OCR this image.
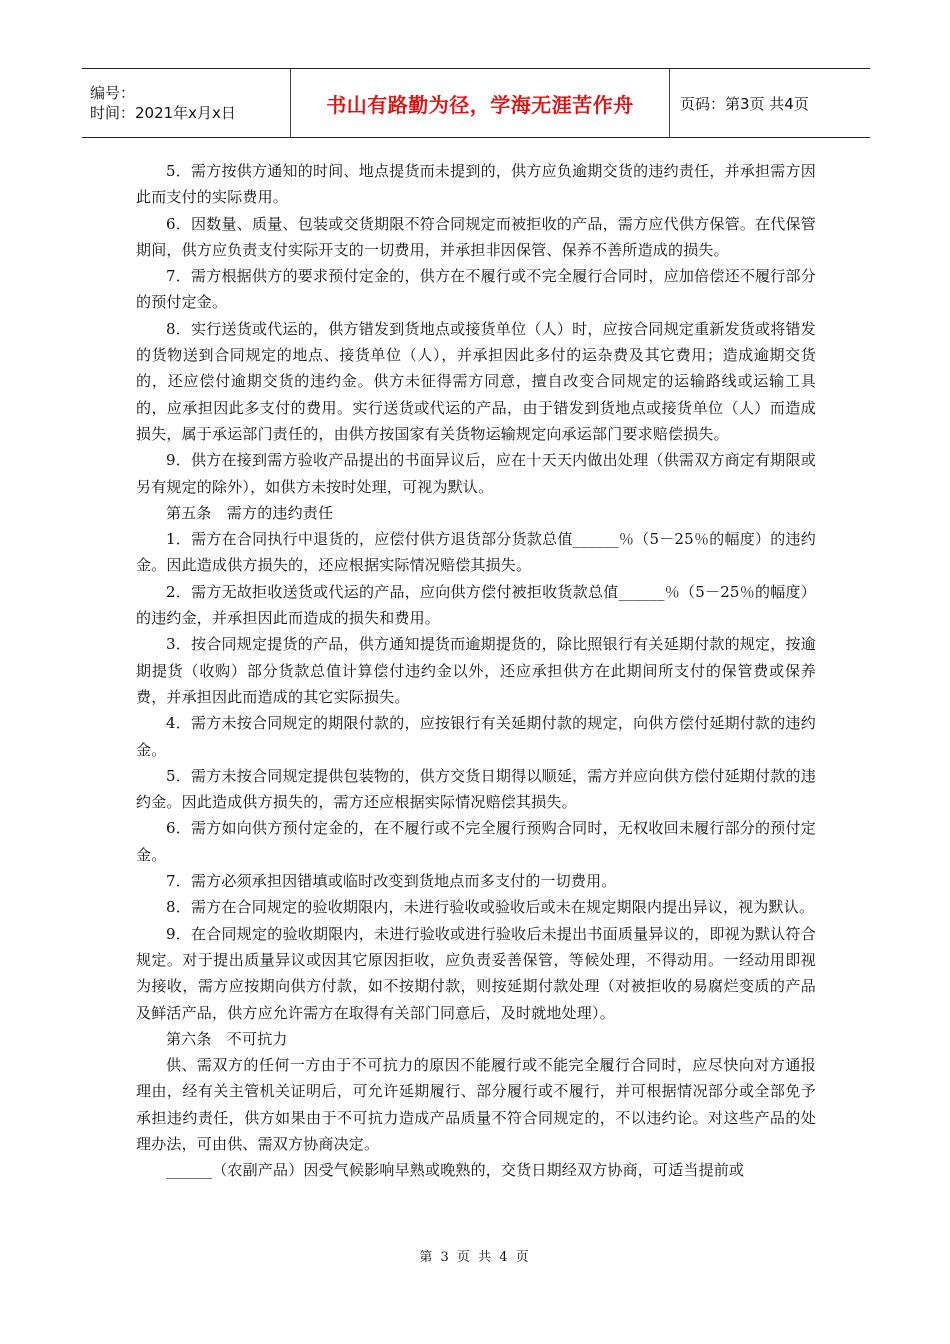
编号：
时间：2021年x月x日	书山有路勤为径，学海无涯苦作舟	页码：第3页 共4页

5．需方按供方通知的时间、地点提货而未提到的，供方应负逾期交货的违约责任，并承担需方因此而支付的实际费用。

6．因数量、质量、包装或交货期限不符合同规定而被拒收的产品，需方应代供方保管。在代保管期间，供方应负责支付实际开支的一切费用，并承担非因保管、保养不善所造成的损失。

7．需方根据供方的要求预付定金的，供方在不履行或不完全履行合同时，应加倍偿还不履行部分的预付定金。

8．实行送货或代运的，供方错发到货地点或接货单位（人）时，应按合同规定重新发货或将错发的货物送到合同规定的地点、接货单位（人），并承担因此多付的运杂费及其它费用；造成逾期交货的，还应偿付逾期交货的违约金。供方未征得需方同意，擅自改变合同规定的运输路线或运输工具的，应承担因此多支付的费用。实行送货或代运的产品，由于错发到货地点或接货单位（人）而造成损失，属于承运部门责任的，由供方按国家有关货物运输规定向承运部门要求赔偿损失。

9．供方在接到需方验收产品提出的书面异议后，应在十天天内做出处理（供需双方商定有期限或另有规定的除外），如供方未按时处理，可视为默认。

第五条　需方的违约责任

1．需方在合同执行中退货的，应偿付供方退货部分货款总值______％（5－25％的幅度）的违约金。因此造成供方损失的，还应根据实际情况赔偿其损失。

2．需方无故拒收送货或代运的产品，应向供方偿付被拒收货款总值______％（5－25％的幅度）的违约金，并承担因此而造成的损失和费用。

3．按合同规定提货的产品，供方通知提货而逾期提货的，除比照银行有关延期付款的规定，按逾期提货（收购）部分货款总值计算偿付违约金以外，还应承担供方在此期间所支付的保管费或保养费，并承担因此而造成的其它实际损失。

4．需方未按合同规定的期限付款的，应按银行有关延期付款的规定，向供方偿付延期付款的违约金。

5．需方未按合同规定提供包装物的，供方交货日期得以顺延，需方并应向供方偿付延期付款的违约金。因此造成供方损失的，需方还应根据实际情况赔偿其损失。

6．需方如向供方预付定金的，在不履行或不完全履行预购合同时，无权收回未履行部分的预付定金。

7．需方必须承担因错填或临时改变到货地点而多支付的一切费用。

8．需方在合同规定的验收期限内，未进行验收或验收后或未在规定期限内提出异议，视为默认。

9．在合同规定的验收期限内，未进行验收或进行验收后未提出书面质量异议的，即视为默认符合规定。对于提出质量异议或因其它原因拒收，应负责妥善保管，等候处理，不得动用。一经动用即视为接收，需方应按期向供方付款，如不按期付款，则按延期付款处理（对被拒收的易腐烂变质的产品及鲜活产品，供方应允许需方在取得有关部门同意后，及时就地处理）。

第六条　不可抗力

供、需双方的任何一方由于不可抗力的原因不能履行或不能完全履行合同时，应尽快向对方通报理由，经有关主管机关证明后，可允许延期履行、部分履行或不履行，并可根据情况部分或全部免予承担违约责任，供方如果由于不可抗力造成产品质量不符合同规定的，不以违约论。对这些产品的处理办法，可由供、需双方协商决定。

______（农副产品）因受气候影响早熟或晚熟的，交货日期经双方协商，可适当提前或

第 3 页 共 4 页
